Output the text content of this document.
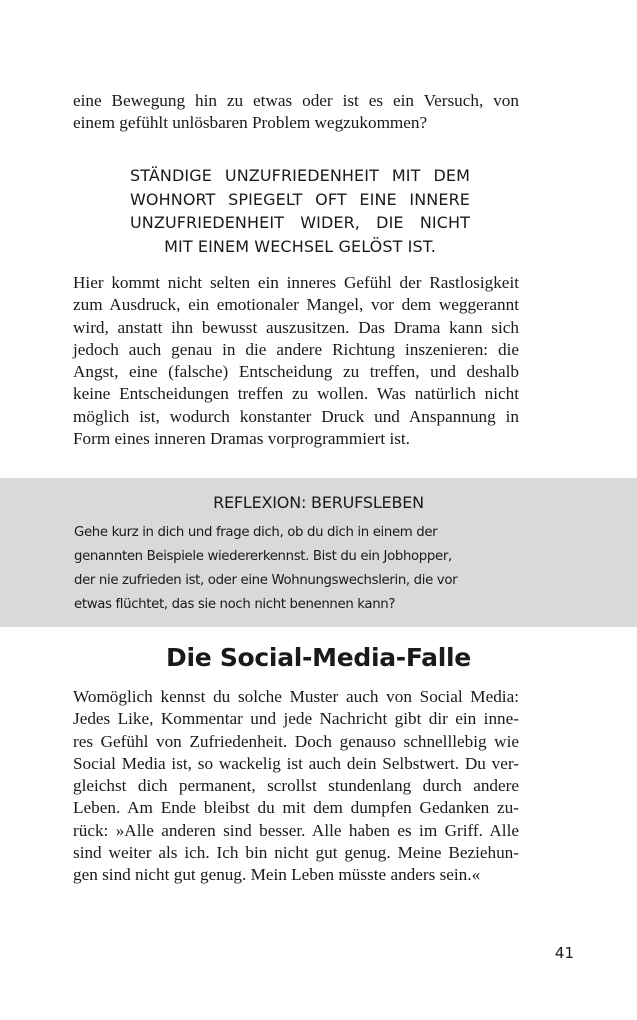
eine Bewegung hin zu etwas oder ist es ein Versuch, von
einem gefühlt unlösbaren Problem wegzukommen?
STÄNDIGE UNZUFRIEDENHEIT MIT DEM
WOHNORT SPIEGELT OFT EINE INNERE
UNZUFRIEDENHEIT WIDER, DIE NICHT
MIT EINEM WECHSEL GELÖST IST.
Hier kommt nicht selten ein inneres Gefühl der Rastlosigkeit
zum Ausdruck, ein emotionaler Mangel, vor dem weggerannt
wird, anstatt ihn bewusst auszusitzen. Das Drama kann sich
jedoch auch genau in die andere Richtung inszenieren: die
Angst, eine (falsche) Entscheidung zu treffen, und deshalb
keine Entscheidungen treffen zu wollen. Was natürlich nicht
möglich ist, wodurch konstanter Druck und Anspannung in
Form eines inneren Dramas vorprogrammiert ist.
REFLEXION: BERUFSLEBEN
Gehe kurz in dich und frage dich, ob du dich in einem der
genannten Beispiele wiedererkennst. Bist du ein Jobhopper,
der nie zufrieden ist, oder eine Wohnungswechslerin, die vor
etwas flüchtet, das sie noch nicht benennen kann?
Die Social-Media-Falle
Womöglich kennst du solche Muster auch von Social Media:
Jedes Like, Kommentar und jede Nachricht gibt dir ein inne-
res Gefühl von Zufriedenheit. Doch genauso schnelllebig wie
Social Media ist, so wackelig ist auch dein Selbstwert. Du ver-
gleichst dich permanent, scrollst stundenlang durch andere
Leben. Am Ende bleibst du mit dem dumpfen Gedanken zu-
rück: »Alle anderen sind besser. Alle haben es im Griff. Alle
sind weiter als ich. Ich bin nicht gut genug. Meine Beziehun-
gen sind nicht gut genug. Mein Leben müsste anders sein.«
41
